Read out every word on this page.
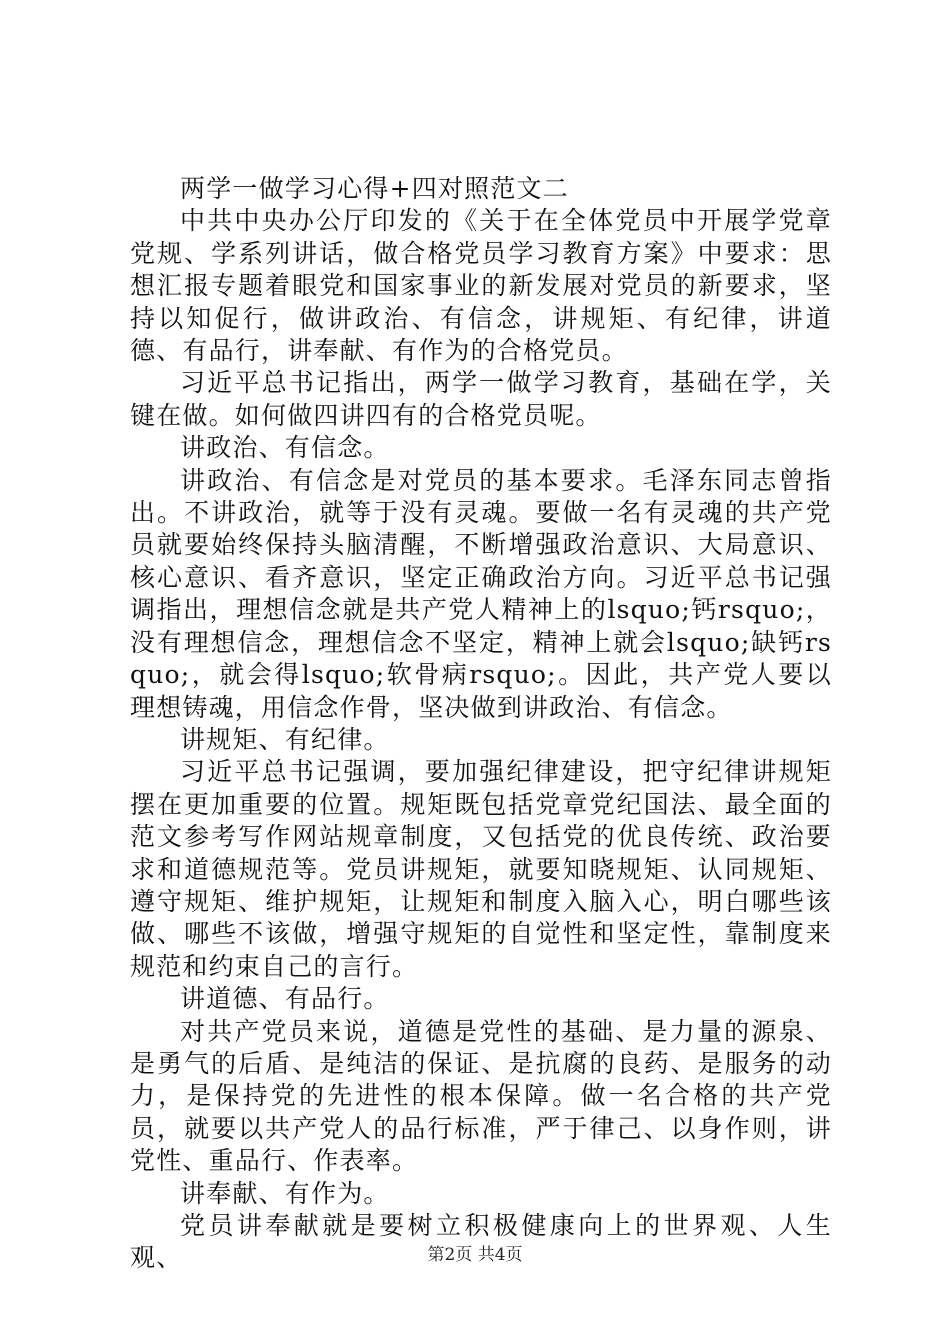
两学一做学习心得+四对照范文二

中共中央办公厅印发的《关于在全体党员中开展学党章党规、学系列讲话，做合格党员学习教育方案》中要求：思想汇报专题着眼党和国家事业的新发展对党员的新要求，坚持以知促行，做讲政治、有信念，讲规矩、有纪律，讲道德、有品行，讲奉献、有作为的合格党员。

习近平总书记指出，两学一做学习教育，基础在学，关键在做。如何做四讲四有的合格党员呢。

讲政治、有信念。

讲政治、有信念是对党员的基本要求。毛泽东同志曾指出。不讲政治，就等于没有灵魂。要做一名有灵魂的共产党员就要始终保持头脑清醒，不断增强政治意识、大局意识、核心意识、看齐意识，坚定正确政治方向。习近平总书记强调指出，理想信念就是共产党人精神上的lsquo;钙rsquo;，没有理想信念，理想信念不坚定，精神上就会lsquo;缺钙rsquo;，就会得lsquo;软骨病rsquo;。因此，共产党人要以理想铸魂，用信念作骨，坚决做到讲政治、有信念。

讲规矩、有纪律。

习近平总书记强调，要加强纪律建设，把守纪律讲规矩摆在更加重要的位置。规矩既包括党章党纪国法、最全面的范文参考写作网站规章制度，又包括党的优良传统、政治要求和道德规范等。党员讲规矩，就要知晓规矩、认同规矩、遵守规矩、维护规矩，让规矩和制度入脑入心，明白哪些该做、哪些不该做，增强守规矩的自觉性和坚定性，靠制度来规范和约束自己的言行。

讲道德、有品行。

对共产党员来说，道德是党性的基础、是力量的源泉、是勇气的后盾、是纯洁的保证、是抗腐的良药、是服务的动力，是保持党的先进性的根本保障。做一名合格的共产党员，就要以共产党人的品行标准，严于律己、以身作则，讲党性、重品行、作表率。

讲奉献、有作为。

党员讲奉献就是要树立积极健康向上的世界观、人生观、	第2页 共4页
